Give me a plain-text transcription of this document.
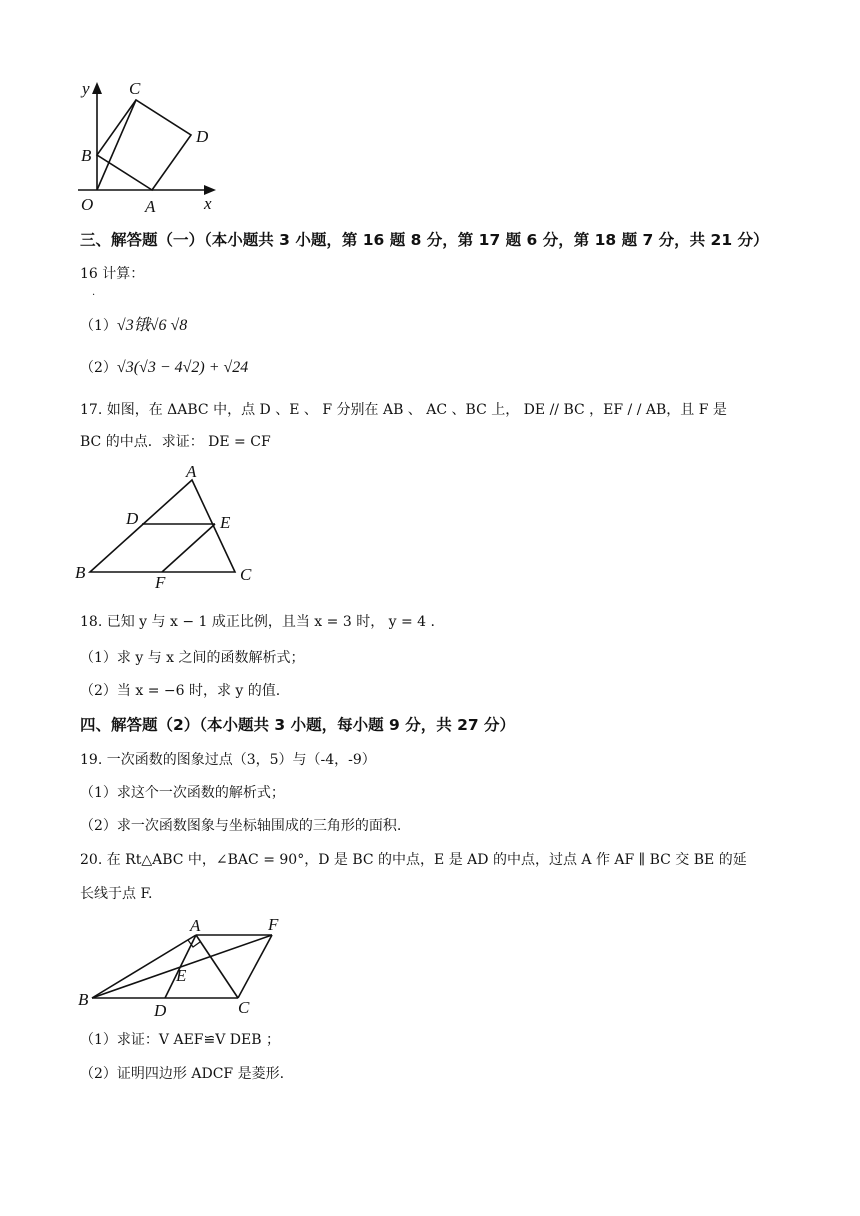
y
x
O	A
B
C
D
三、解答题（一）（本小题共 3 小题，第 16 题 8 分，第 17 题 6 分，第 18 题 7 分，共 21 分）
16 计算：
.
（1）√3锇√6 √8
（2）√3(√3 − 4√2) + √24
17. 如图，在 ΔABC 中，点 D 、E 、 F 分别在 AB 、 AC 、BC 上， DE // BC ，EF / / AB，且 F 是
BC 的中点．求证： DE = CF
A
B	C
D	E
F
18. 已知 y 与 x − 1 成正比例，且当 x = 3 时， y = 4 .
（1）求 y 与 x 之间的函数解析式；
（2）当 x = −6 时，求 y 的值.
四、解答题（2）（本小题共 3 小题，每小题 9 分，共 27 分）
19. 一次函数的图象过点（3，5）与（-4，-9）
（1）求这个一次函数的解析式；
（2）求一次函数图象与坐标轴围成的三角形的面积.
20. 在 Rt△ABC 中，∠BAC = 90°，D 是 BC 的中点，E 是 AD 的中点，过点 A 作 AF ∥ BC 交 BE 的延
长线于点 F.
A	F
B	C
D
E
（1）求证：V AEF≌V DEB ；
（2）证明四边形 ADCF 是菱形.
